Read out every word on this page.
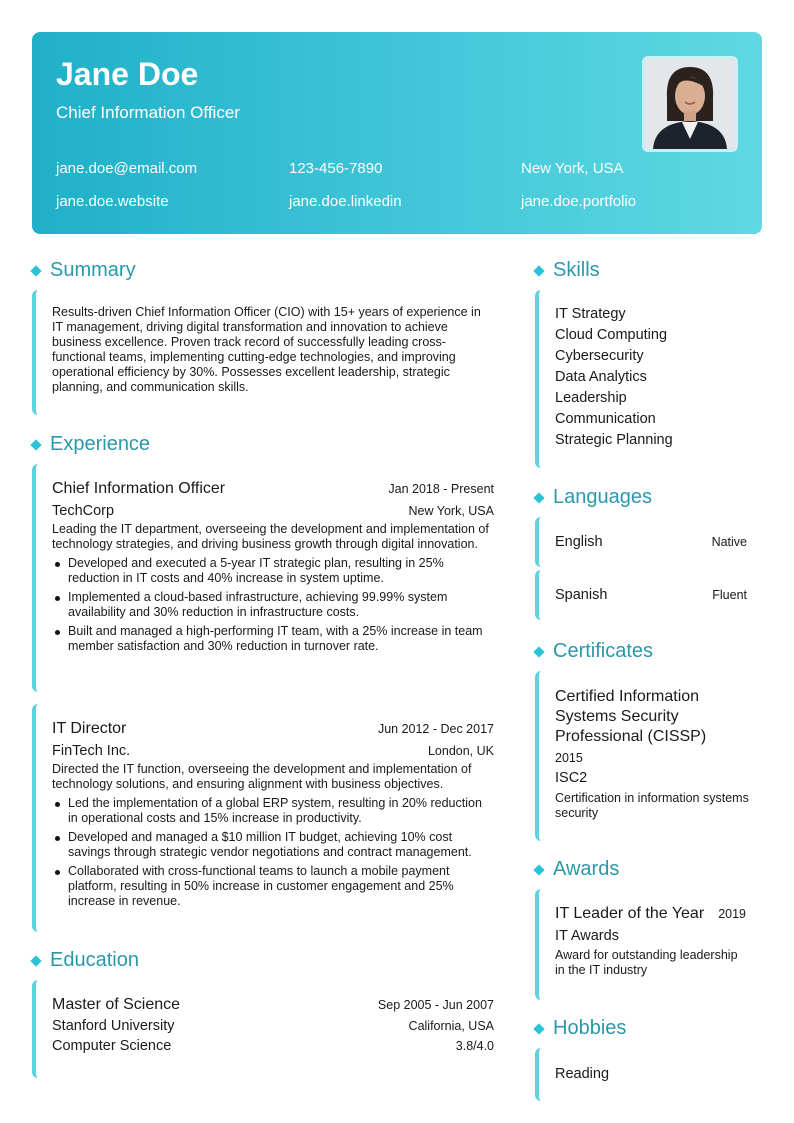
Jane Doe
Chief Information Officer
jane.doe@email.com	123-456-7890	New York, USA
jane.doe.website	jane.doe.linkedin	jane.doe.portfolio
Summary
Results-driven Chief Information Officer (CIO) with 15+ years of experience in IT management, driving digital transformation and innovation to achieve business excellence. Proven track record of successfully leading cross-functional teams, implementing cutting-edge technologies, and improving operational efficiency by 30%. Possesses excellent leadership, strategic planning, and communication skills.
Experience
Chief Information Officer	Jan 2018 - Present
TechCorp	New York, USA
Leading the IT department, overseeing the development and implementation of technology strategies, and driving business growth through digital innovation.
Developed and executed a 5-year IT strategic plan, resulting in 25% reduction in IT costs and 40% increase in system uptime.
Implemented a cloud-based infrastructure, achieving 99.99% system availability and 30% reduction in infrastructure costs.
Built and managed a high-performing IT team, with a 25% increase in team member satisfaction and 30% reduction in turnover rate.
IT Director	Jun 2012 - Dec 2017
FinTech Inc.	London, UK
Directed the IT function, overseeing the development and implementation of technology solutions, and ensuring alignment with business objectives.
Led the implementation of a global ERP system, resulting in 20% reduction in operational costs and 15% increase in productivity.
Developed and managed a $10 million IT budget, achieving 10% cost savings through strategic vendor negotiations and contract management.
Collaborated with cross-functional teams to launch a mobile payment platform, resulting in 50% increase in customer engagement and 25% increase in revenue.
Education
Master of Science	Sep 2005 - Jun 2007
Stanford University	California, USA
Computer Science	3.8/4.0
Skills
IT Strategy
Cloud Computing
Cybersecurity
Data Analytics
Leadership
Communication
Strategic Planning
Languages
English	Native
Spanish	Fluent
Certificates
Certified Information Systems Security Professional (CISSP)
2015
ISC2
Certification in information systems security
Awards
IT Leader of the Year 2019
IT Awards
Award for outstanding leadership in the IT industry
Hobbies
Reading
